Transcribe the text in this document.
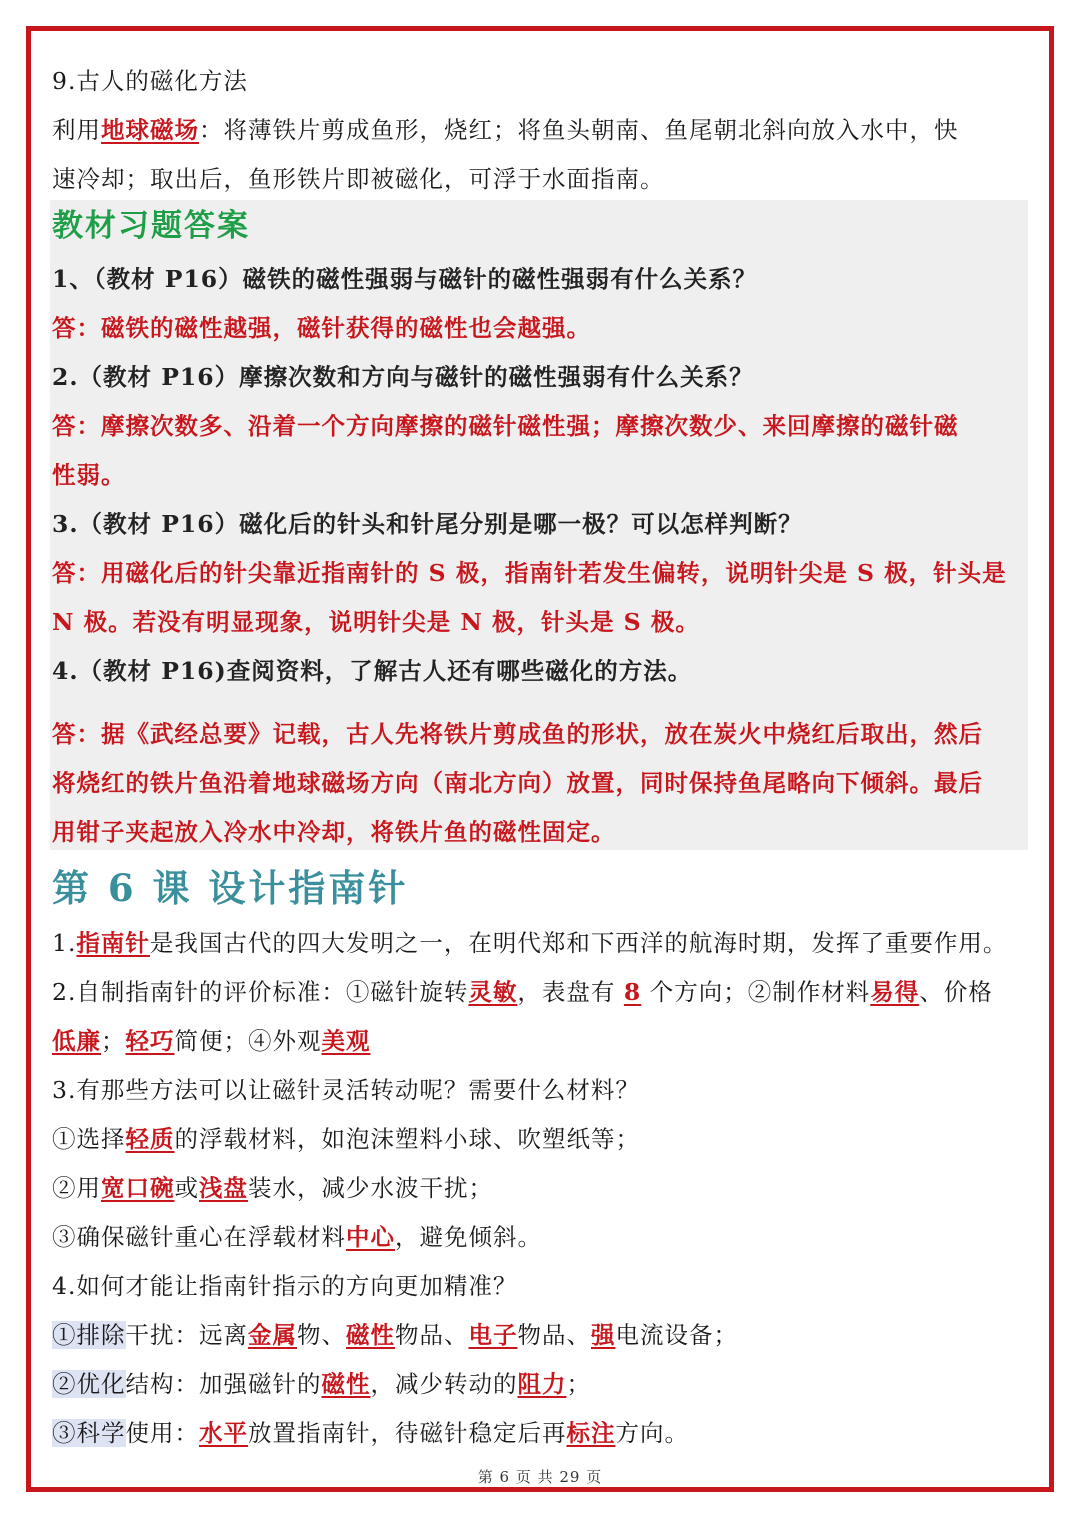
9.古人的磁化方法
利用地球磁场：将薄铁片剪成鱼形，烧红；将鱼头朝南、鱼尾朝北斜向放入水中，快
速冷却；取出后，鱼形铁片即被磁化，可浮于水面指南。
教材习题答案
1、（教材 P16）磁铁的磁性强弱与磁针的磁性强弱有什么关系？
答：磁铁的磁性越强，磁针获得的磁性也会越强。
2.（教材 P16）摩擦次数和方向与磁针的磁性强弱有什么关系？
答：摩擦次数多、沿着一个方向摩擦的磁针磁性强；摩擦次数少、来回摩擦的磁针磁
性弱。
3.（教材 P16）磁化后的针头和针尾分别是哪一极？可以怎样判断？
答：用磁化后的针尖靠近指南针的 S 极，指南针若发生偏转，说明针尖是 S 极，针头是
N 极。若没有明显现象，说明针尖是 N 极，针头是 S 极。
4.（教材 P16)查阅资料，了解古人还有哪些磁化的方法。
答：据《武经总要》记载，古人先将铁片剪成鱼的形状，放在炭火中烧红后取出，然后
将烧红的铁片鱼沿着地球磁场方向（南北方向）放置，同时保持鱼尾略向下倾斜。最后
用钳子夹起放入冷水中冷却，将铁片鱼的磁性固定。
第 6 课 设计指南针
1.指南针是我国古代的四大发明之一，在明代郑和下西洋的航海时期，发挥了重要作用。
2.自制指南针的评价标准：①磁针旋转灵敏，表盘有 8 个方向；②制作材料易得、价格
低廉；轻巧简便；④外观美观
3.有那些方法可以让磁针灵活转动呢？需要什么材料？
①选择轻质的浮载材料，如泡沫塑料小球、吹塑纸等；
②用宽口碗或浅盘装水，减少水波干扰；
③确保磁针重心在浮载材料中心，避免倾斜。
4.如何才能让指南针指示的方向更加精准？
①排除干扰：远离金属物、磁性物品、电子物品、强电流设备；
②优化结构：加强磁针的磁性，减少转动的阻力；
③科学使用：水平放置指南针，待磁针稳定后再标注方向。
第 6 页 共 29 页
